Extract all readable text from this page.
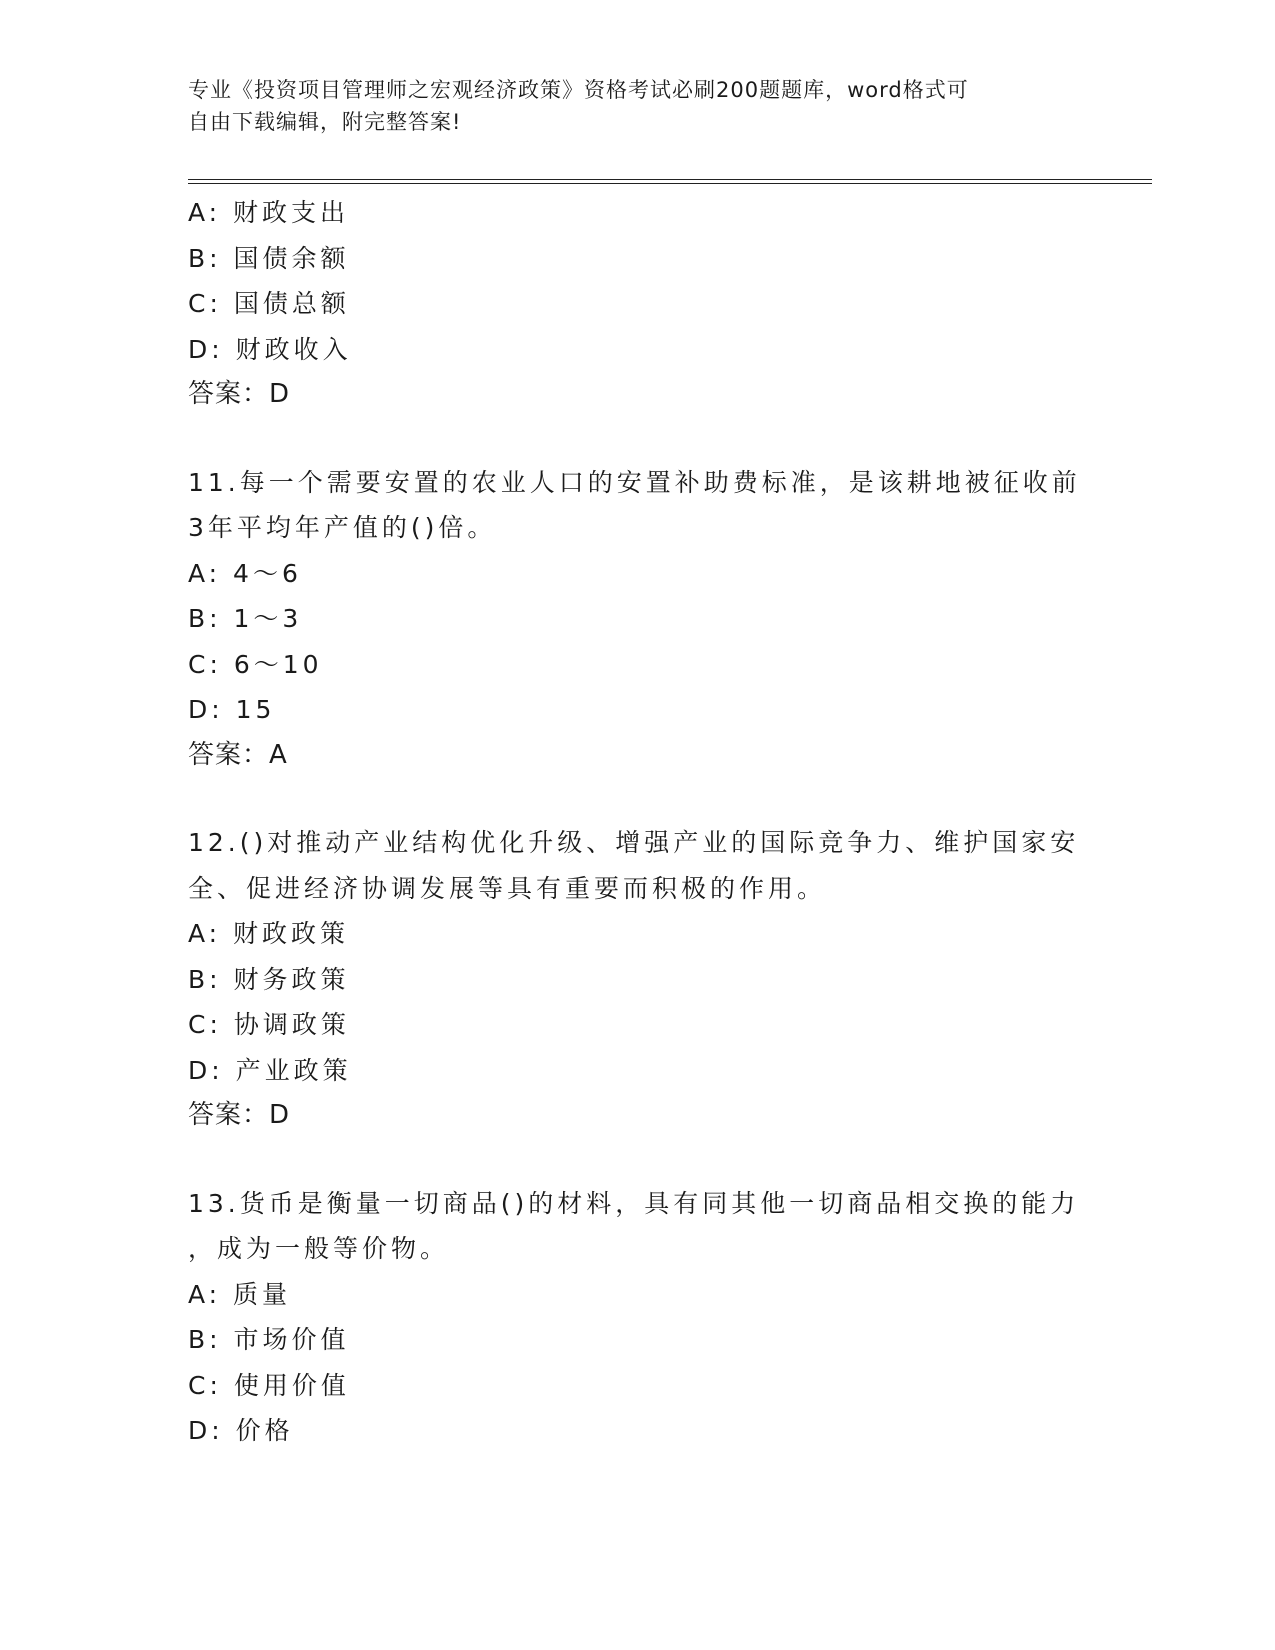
专业《投资项目管理师之宏观经济政策》资格考试必刷200题题库，word格式可
自由下载编辑，附完整答案!
A: 财政支出
B: 国债余额
C: 国债总额
D: 财政收入
答案：D
11.每一个需要安置的农业人口的安置补助费标准，是该耕地被征收前
3年平均年产值的()倍。
A: 4～6
B: 1～3
C: 6～10
D: 15
答案：A
12.()对推动产业结构优化升级、增强产业的国际竞争力、维护国家安
全、促进经济协调发展等具有重要而积极的作用。
A: 财政政策
B: 财务政策
C: 协调政策
D: 产业政策
答案：D
13.货币是衡量一切商品()的材料，具有同其他一切商品相交换的能力
，成为一般等价物。
A: 质量
B: 市场价值
C: 使用价值
D: 价格
